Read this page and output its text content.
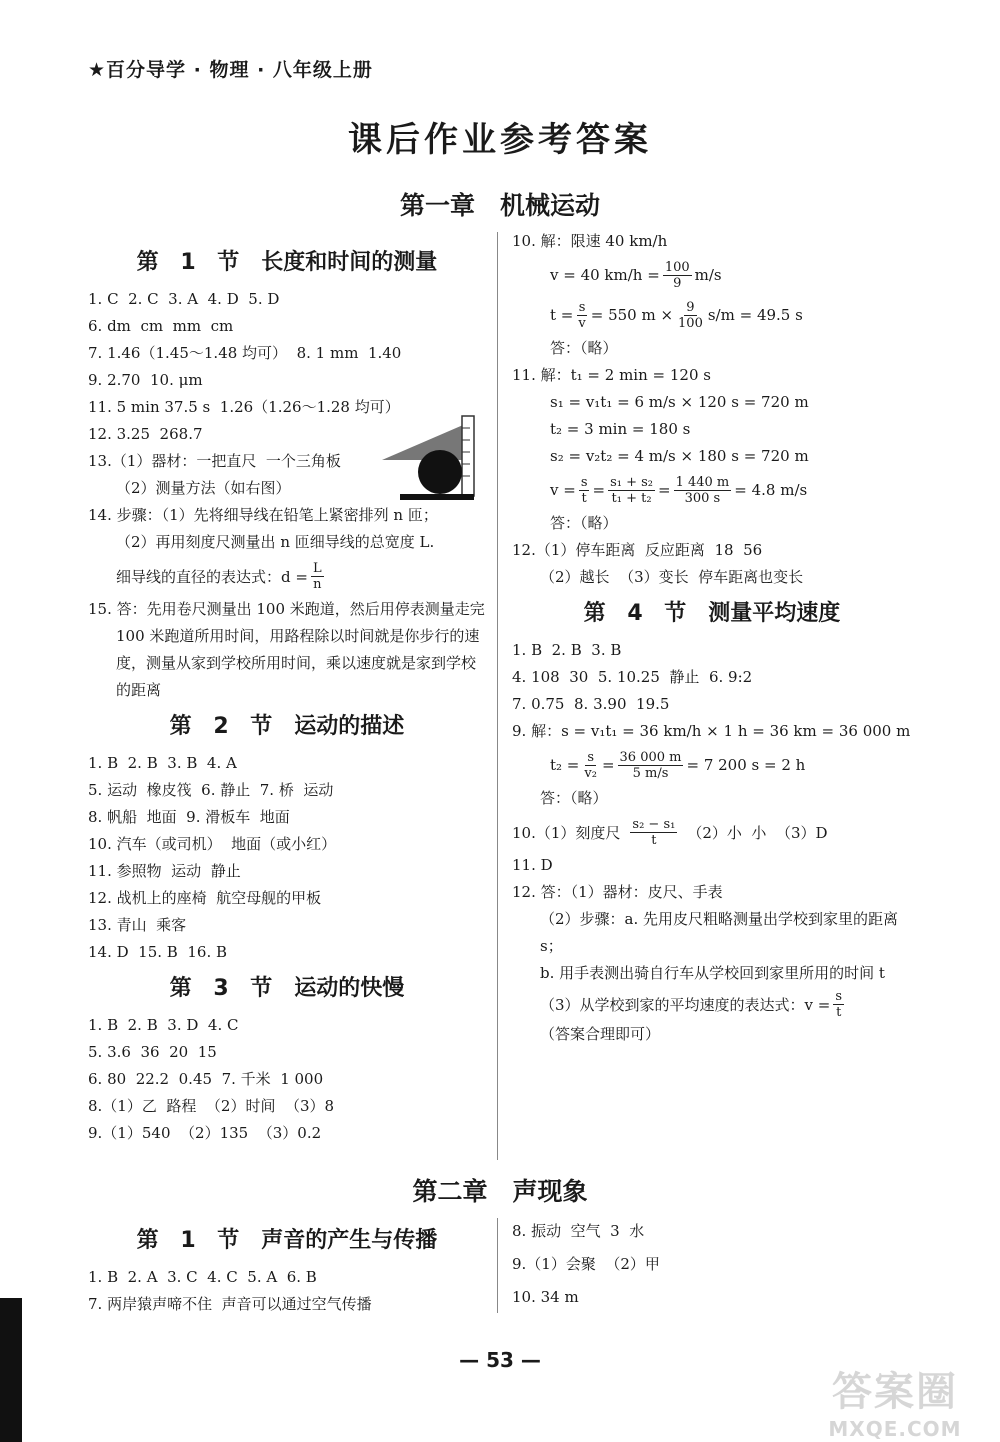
★百分导学 · 物理 · 八年级上册
课后作业参考答案
第一章　机械运动
第 1 节　长度和时间的测量
1. C  2. C  3. A  4. D  5. D
6. dm  cm  mm  cm
7. 1.46（1.45～1.48 均可）  8. 1 mm  1.40
9. 2.70  10. μm
11. 5 min 37.5 s  1.26（1.26～1.28 均可）
12. 3.25  268.7
13.（1）器材：一把直尺  一个三角板
（2）测量方法（如右图）
14. 步骤：（1）先将细导线在铅笔上紧密排列 n 匝；
（2）再用刻度尺测量出 n 匝细导线的总宽度 L.
细导线的直径的表达式：$d = \frac{L}{n}$
15. 答：先用卷尺测量出 100 米跑道，然后用停表测量走完 100 米跑道所用时间，用路程除以时间就是你步行的速度，测量从家到学校所用时间，乘以速度就是家到学校的距离
第 2 节　运动的描述
1. B  2. B  3. B  4. A
5. 运动  橡皮筏  6. 静止  7. 桥  运动
8. 帆船  地面  9. 滑板车  地面
10. 汽车（或司机）  地面（或小红）
11. 参照物  运动  静止
12. 战机上的座椅  航空母舰的甲板
13. 青山  乘客
14. D  15. B  16. B
第 3 节　运动的快慢
1. B  2. B  3. D  4. C
5. 3.6  36  20  15
6. 80  22.2  0.45  7. 千米  1 000
8.（1）乙  路程  （2）时间  （3）8
9.（1）540  （2）135  （3）0.2
10. 解：限速 40 km/h
v = 40 $km/h = \frac{100}{9} m/s$
$t = \frac{s}{v} = 550$ $m \times \frac{9}{100} s/m = 49.5$ s
答：（略）
11. 解：t₁ = 2 min = 120 s
s₁ = v₁t₁ = 6 m/s × 120 s = 720 m
t₂ = 3 min = 180 s
s₂ = v₂t₂ = 4 m/s × 180 s = 720 m
$v = \frac{s}{t} = \frac{\text{s₁ + s₂}}{\text{t₁ + t₂}} = \frac{1 440 m}{300 s} = 4.8$ m/s
答：（略）
12.（1）停车距离  反应距离  18  56
（2）越长  （3）变长  停车距离也变长
第 4 节　测量平均速度
1. B  2. B  3. B
4. 108  30  5. 10.25  静止  6. 9:2
7. 0.75  8. 3.90  19.5
9. 解：s = v₁t₁ = 36 km/h × 1 h = 36 km = 36 000 m
$t_2 = \frac{s}{\text{v₂}} = \frac{36 000 m}{5 m/s} = 7$ 200 s = 2 h
答：（略）
10.（1）刻度尺 $\frac{\text{s₂ − s₁}}{t} (2)$小  小  （3）D
11. D
12. 答：（1）器材：皮尺、手表
（2）步骤：a. 先用皮尺粗略测量出学校到家里的距离 s；
b. 用手表测出骑自行车从学校回到家里所用的时间 t
（3）从学校到家的平均速度的表达式：$v = \frac{s}{t}$
（答案合理即可）
第二章　声现象
第 1 节　声音的产生与传播
1. B  2. A  3. C  4. C  5. A  6. B
7. 两岸猿声啼不住  声音可以通过空气传播
8. 振动  空气  3  水
9.（1）会聚  （2）甲
10. 34 m
— 53 —
答案圈
MXQE.COM
